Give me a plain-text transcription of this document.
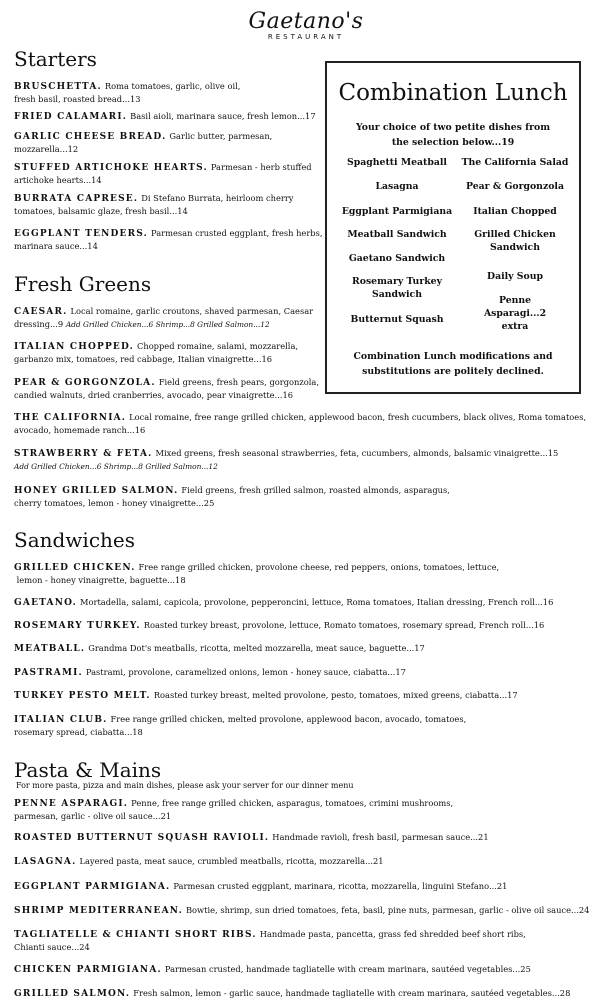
Gaetano's
RESTAURANT
Starters
Fresh Greens
Sandwiches
Pasta & Mains
For more pasta, pizza and main dishes, please ask your server for our dinner menu
BRUSCHETTA. Roma tomatoes, garlic, olive oil,
fresh basil, roasted bread...13
FRIED CALAMARI. Basil aioli, marinara sauce, fresh lemon...17
GARLIC CHEESE BREAD. Garlic butter, parmesan,
mozzarella...12
STUFFED ARTICHOKE HEARTS. Parmesan - herb stuffed
artichoke hearts...14
BURRATA CAPRESE. Di Stefano Burrata, heirloom cherry
tomatoes, balsamic glaze, fresh basil...14
EGGPLANT TENDERS. Parmesan crusted eggplant, fresh herbs,
marinara sauce...14
CAESAR. Local romaine, garlic croutons, shaved parmesan, Caesar
dressing...9 Add Grilled Chicken...6 Shrimp...8 Grilled Salmon...12
ITALIAN CHOPPED. Chopped romaine, salami, mozzarella,
garbanzo mix, tomatoes, red cabbage, Italian vinaigrette...16
PEAR & GORGONZOLA. Field greens, fresh pears, gorgonzola,
candied walnuts, dried cranberries, avocado, pear vinaigrette...16
THE CALIFORNIA. Local romaine, free range grilled chicken, applewood bacon, fresh cucumbers, black olives, Roma tomatoes,
avocado, homemade ranch...16
STRAWBERRY & FETA. Mixed greens, fresh seasonal strawberries, feta, cucumbers, almonds, balsamic vinaigrette...15
Add Grilled Chicken...6 Shrimp...8 Grilled Salmon...12
HONEY GRILLED SALMON. Field greens, fresh grilled salmon, roasted almonds, asparagus,
cherry tomatoes, lemon - honey vinaigrette...25
GRILLED CHICKEN. Free range grilled chicken, provolone cheese, red peppers, onions, tomatoes, lettuce,
lemon - honey vinaigrette, baguette...18
GAETANO. Mortadella, salami, capicola, provolone, pepperoncini, lettuce, Roma tomatoes, Italian dressing, French roll...16
ROSEMARY TURKEY. Roasted turkey breast, provolone, lettuce, Romato tomatoes, rosemary spread, French roll...16
MEATBALL. Grandma Dot's meatballs, ricotta, melted mozzarella, meat sauce, baguette...17
PASTRAMI. Pastrami, provolone, caramelized onions, lemon - honey sauce, ciabatta...17
TURKEY PESTO MELT. Roasted turkey breast, melted provolone, pesto, tomatoes, mixed greens, ciabatta...17
ITALIAN CLUB. Free range grilled chicken, melted provolone, applewood bacon, avocado, tomatoes,
rosemary spread, ciabatta...18
PENNE ASPARAGI. Penne, free range grilled chicken, asparagus, tomatoes, crimini mushrooms,
parmesan, garlic - olive oil sauce...21
ROASTED BUTTERNUT SQUASH RAVIOLI. Handmade ravioli, fresh basil, parmesan sauce...21
LASAGNA. Layered pasta, meat sauce, crumbled meatballs, ricotta, mozzarella...21
EGGPLANT PARMIGIANA. Parmesan crusted eggplant, marinara, ricotta, mozzarella, linguini Stefano...21
SHRIMP MEDITERRANEAN. Bowtie, shrimp, sun dried tomatoes, feta, basil, pine nuts, parmesan, garlic - olive oil sauce...24
TAGLIATELLE & CHIANTI SHORT RIBS. Handmade pasta, pancetta, grass fed shredded beef short ribs,
Chianti sauce...24
CHICKEN PARMIGIANA. Parmesan crusted, handmade tagliatelle with cream marinara, sautéed vegetables...25
GRILLED SALMON. Fresh salmon, lemon - garlic sauce, handmade tagliatelle with cream marinara, sautéed vegetables...28
Combination Lunch
Your choice of two petite dishes from the selection below...19
Spaghetti Meatball
Lasagna
Eggplant Parmigiana
Meatball Sandwich
Gaetano Sandwich
Rosemary Turkey Sandwich
Butternut Squash
The California Salad
Pear & Gorgonzola
Italian Chopped
Grilled Chicken Sandwich
Daily Soup
Penne Asparagi...2 extra
Combination Lunch modifications and substitutions are politely declined.
